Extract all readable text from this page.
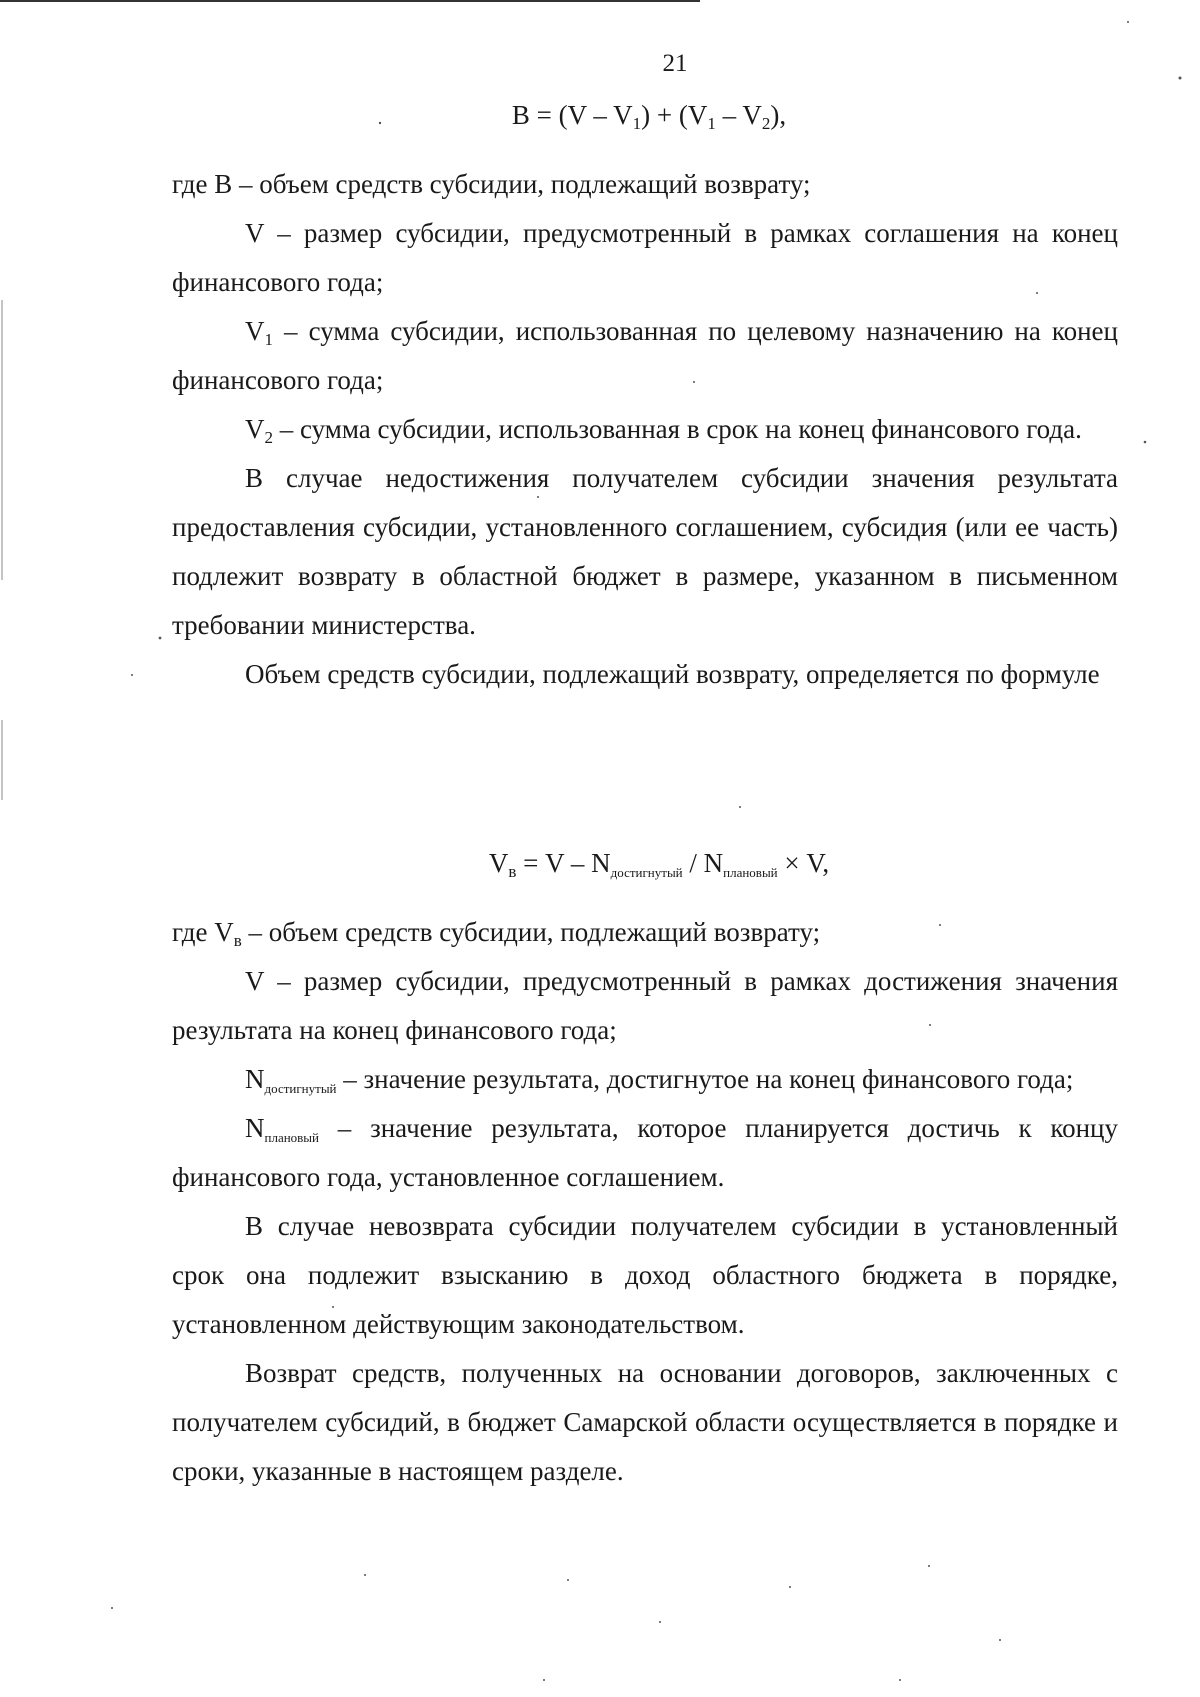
21
$B = (V - V_1) + (V_1 - V_2)$,

где B – объем средств субсидии, подлежащий возврату;

V – размер субсидии, предусмотренный в рамках соглашения на конец финансового года;

$V_1$ – сумма субсидии, использованная по целевому назначению на конец финансового года;

$V_2$ – сумма субсидии, использованная в срок на конец финансового года.

В случае недостижения получателем субсидии значения результата предоставления субсидии, установленного соглашением, субсидия (или ее часть) подлежит возврату в областной бюджет в размере, указанном в письменном требовании министерства.

Объем средств субсидии, подлежащий возврату, определяется по формуле

$V_в = V - N_{достигнутый} / N_{плановый} \times V$,

где $V_в$ – объем средств субсидии, подлежащий возврату;

V – размер субсидии, предусмотренный в рамках достижения значения результата на конец финансового года;

$N_{достигнутый}$ – значение результата, достигнутое на конец финансового года;

$N_{плановый}$ – значение результата, которое планируется достичь к концу финансового года, установленное соглашением.

В случае невозврата субсидии получателем субсидии в установленный срок она подлежит взысканию в доход областного бюджета в порядке, установленном действующим законодательством.

Возврат средств, полученных на основании договоров, заключенных с получателем субсидий, в бюджет Самарской области осуществляется в порядке и сроки, указанные в настоящем разделе.
